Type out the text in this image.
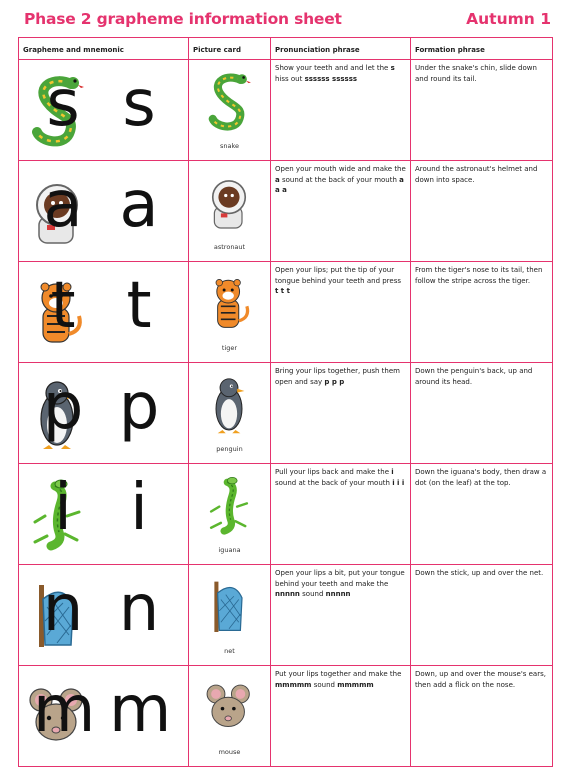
Phase 2 grapheme information sheet	Autumn 1
Grapheme and mnemonic	Picture card	Pronunciation phrase	Formation phrase

s s	snake	Show your teeth and and let the s hiss out ssssss ssssss	Under the snake's chin, slide down and round its tail.

a a	astronaut	Open your mouth wide and make the a sound at the back of your mouth a a a	Around the astronaut's helmet and down into space.

t t	tiger	Open your lips; put the tip of your tongue behind your teeth and press t t t	From the tiger's nose to its tail, then follow the stripe across the tiger.

p p	penguin	Bring your lips together, push them open and say p p p	Down the penguin's back, up and around its head.

i i	iguana	Pull your lips back and make the i sound at the back of your mouth i i i	Down the iguana's body, then draw a dot (on the leaf) at the top.

n n	net	Open your lips a bit, put your tongue behind your teeth and make the nnnnn sound nnnnn	Down the stick, up and over the net.

m m	mouse	Put your lips together and make the mmmmm sound mmmmm	Down, up and over the mouse's ears, then add a flick on the nose.
